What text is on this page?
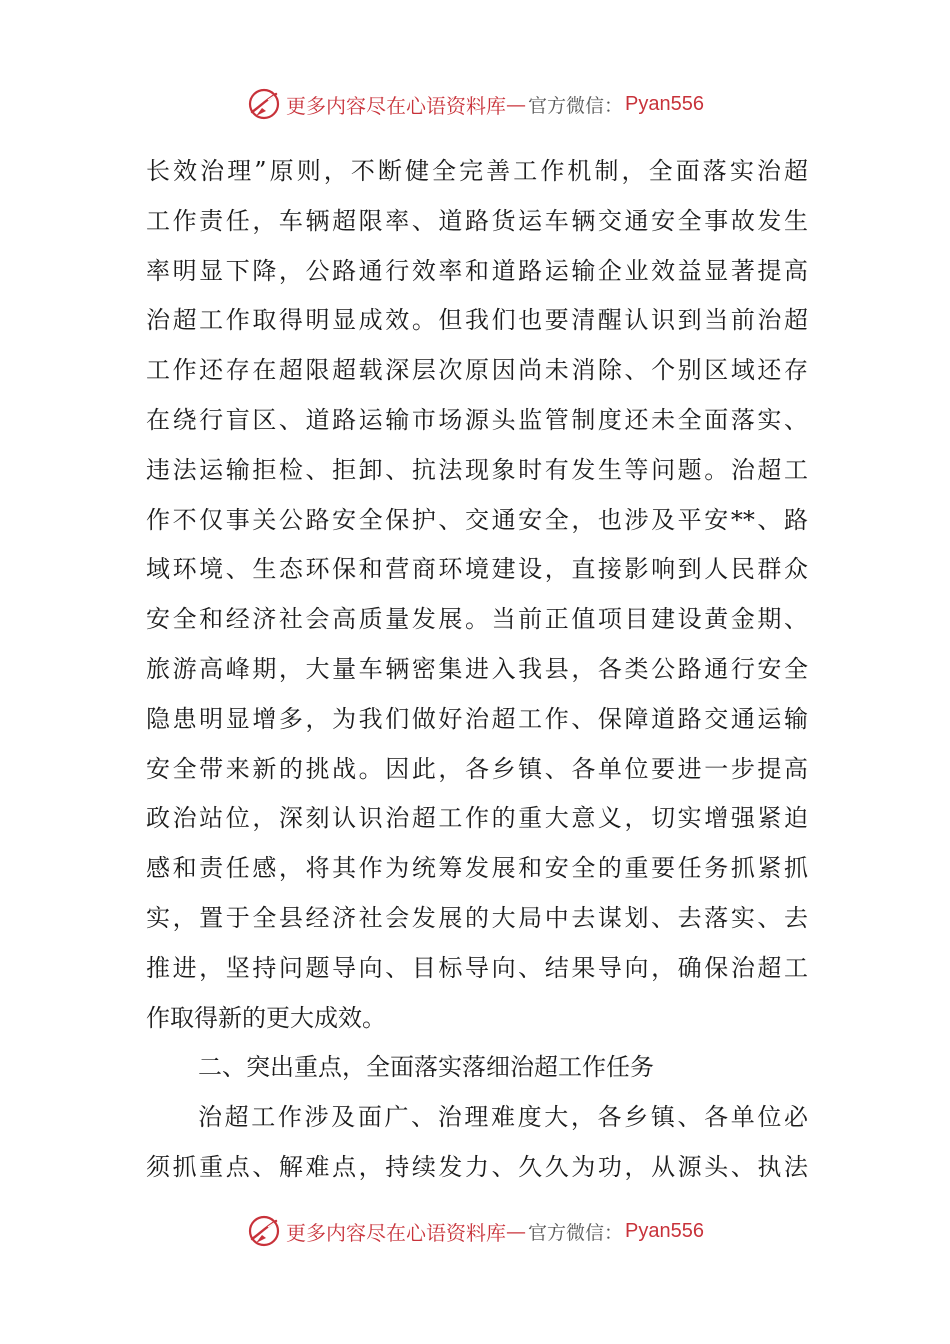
更多内容尽在心语资料库 — 官方微信： Pyan556
长效治理”原则，不断健全完善工作机制，全面落实治超
工作责任，车辆超限率、道路货运车辆交通安全事故发生
率明显下降，公路通行效率和道路运输企业效益显著提高
治超工作取得明显成效。但我们也要清醒认识到当前治超
工作还存在超限超载深层次原因尚未消除、个别区域还存
在绕行盲区、道路运输市场源头监管制度还未全面落实、
违法运输拒检、拒卸、抗法现象时有发生等问题。治超工
作不仅事关公路安全保护、交通安全，也涉及平安**、路
域环境、生态环保和营商环境建设，直接影响到人民群众
安全和经济社会高质量发展。当前正值项目建设黄金期、
旅游高峰期，大量车辆密集进入我县，各类公路通行安全
隐患明显增多，为我们做好治超工作、保障道路交通运输
安全带来新的挑战。因此，各乡镇、各单位要进一步提高
政治站位，深刻认识治超工作的重大意义，切实增强紧迫
感和责任感，将其作为统筹发展和安全的重要任务抓紧抓
实，置于全县经济社会发展的大局中去谋划、去落实、去
推进，坚持问题导向、目标导向、结果导向，确保治超工
作取得新的更大成效。
二、突出重点，全面落实落细治超工作任务
治超工作涉及面广、治理难度大，各乡镇、各单位必
须抓重点、解难点，持续发力、久久为功，从源头、执法
更多内容尽在心语资料库 — 官方微信： Pyan556
